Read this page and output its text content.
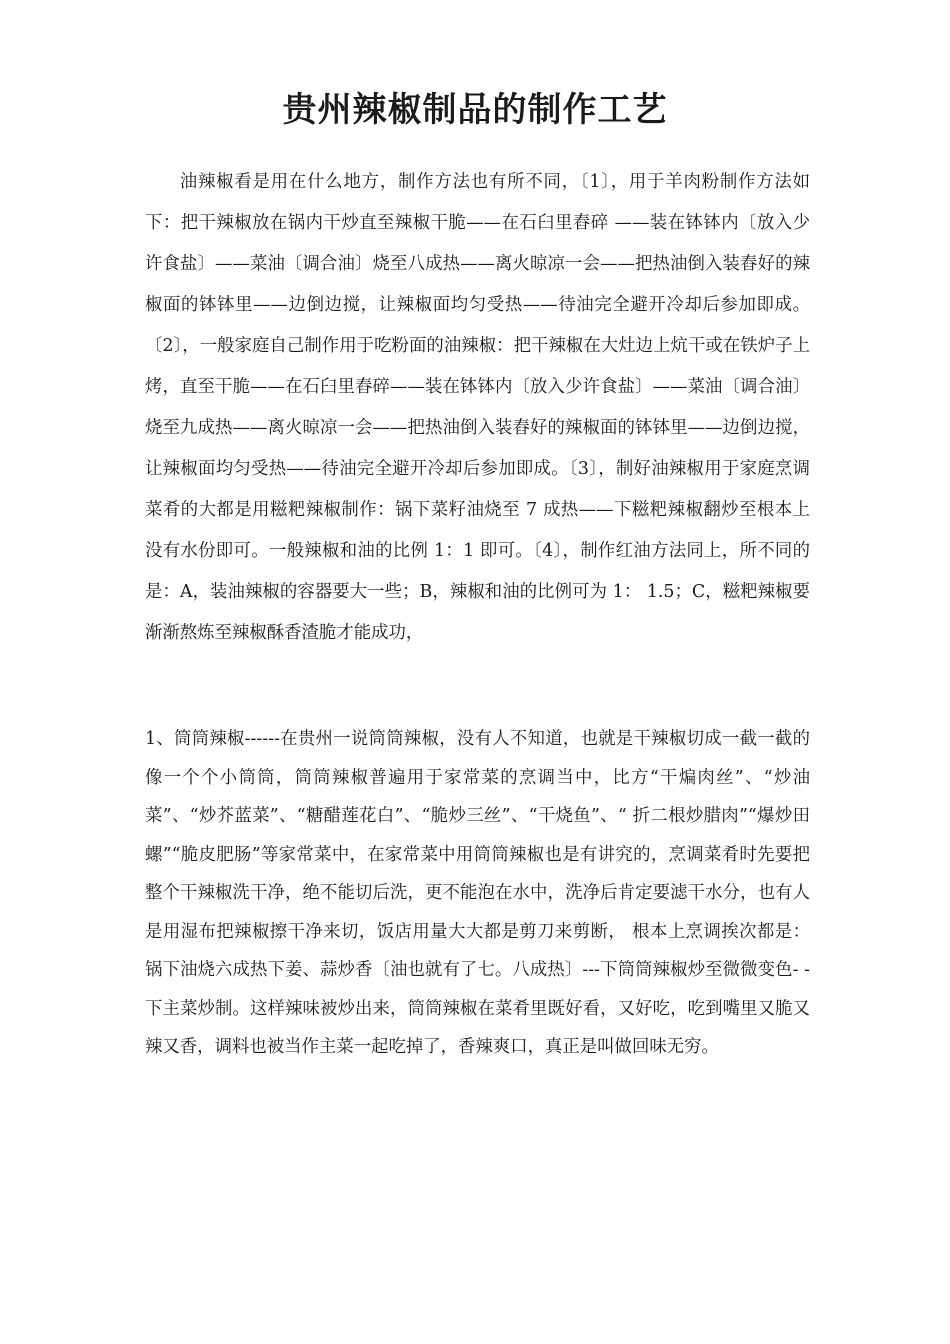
贵州辣椒制品的制作工艺

油辣椒看是用在什么地方，制作方法也有所不同，〔1〕，用于羊肉粉制作方法如下：把干辣椒放在锅内干炒直至辣椒干脆——在石臼里舂碎 ——装在钵钵内〔放入少许食盐〕——菜油〔调合油〕烧至八成热——离火晾凉一会——把热油倒入装舂好的辣椒面的钵钵里——边倒边搅，让辣椒面均匀受热——待油完全避开冷却后参加即成。〔2〕，一般家庭自己制作用于吃粉面的油辣椒：把干辣椒在大灶边上炕干或在铁炉子上烤，直至干脆——在石臼里舂碎——装在钵钵内〔放入少许食盐〕——菜油〔调合油〕烧至九成热——离火晾凉一会——把热油倒入装舂好的辣椒面的钵钵里——边倒边搅，让辣椒面均匀受热——待油完全避开冷却后参加即成。〔3〕，制好油辣椒用于家庭烹调菜肴的大都是用糍粑辣椒制作：锅下菜籽油烧至 7 成热——下糍粑辣椒翻炒至根本上没有水份即可。一般辣椒和油的比例 1：1 即可。〔4〕，制作红油方法同上，所不同的是：A，装油辣椒的容器要大一些；B，辣椒和油的比例可为 1： 1.5；C，糍粑辣椒要渐渐熬炼至辣椒酥香渣脆才能成功，

1、筒筒辣椒------在贵州一说筒筒辣椒，没有人不知道，也就是干辣椒切成一截一截的像一个个小筒筒，筒筒辣椒普遍用于家常菜的烹调当中，比方“干煸肉丝”、“炒油菜”、“炒芥蓝菜”、“糖醋莲花白”、“脆炒三丝”、“干烧鱼”、“ 折二根炒腊肉”“爆炒田螺”“脆皮肥肠”等家常菜中，在家常菜中用筒筒辣椒也是有讲究的，烹调菜肴时先要把整个干辣椒洗干净，绝不能切后洗，更不能泡在水中，洗净后肯定要滤干水分，也有人是用湿布把辣椒擦干净来切，饭店用量大大都是剪刀来剪断， 根本上烹调挨次都是：锅下油烧六成热下姜、蒜炒香〔油也就有了七。八成热〕---下筒筒辣椒炒至微微变色- -下主菜炒制。这样辣味被炒出来，筒筒辣椒在菜肴里既好看，又好吃，吃到嘴里又脆又辣又香，调料也被当作主菜一起吃掉了，香辣爽口，真正是叫做回味无穷。
